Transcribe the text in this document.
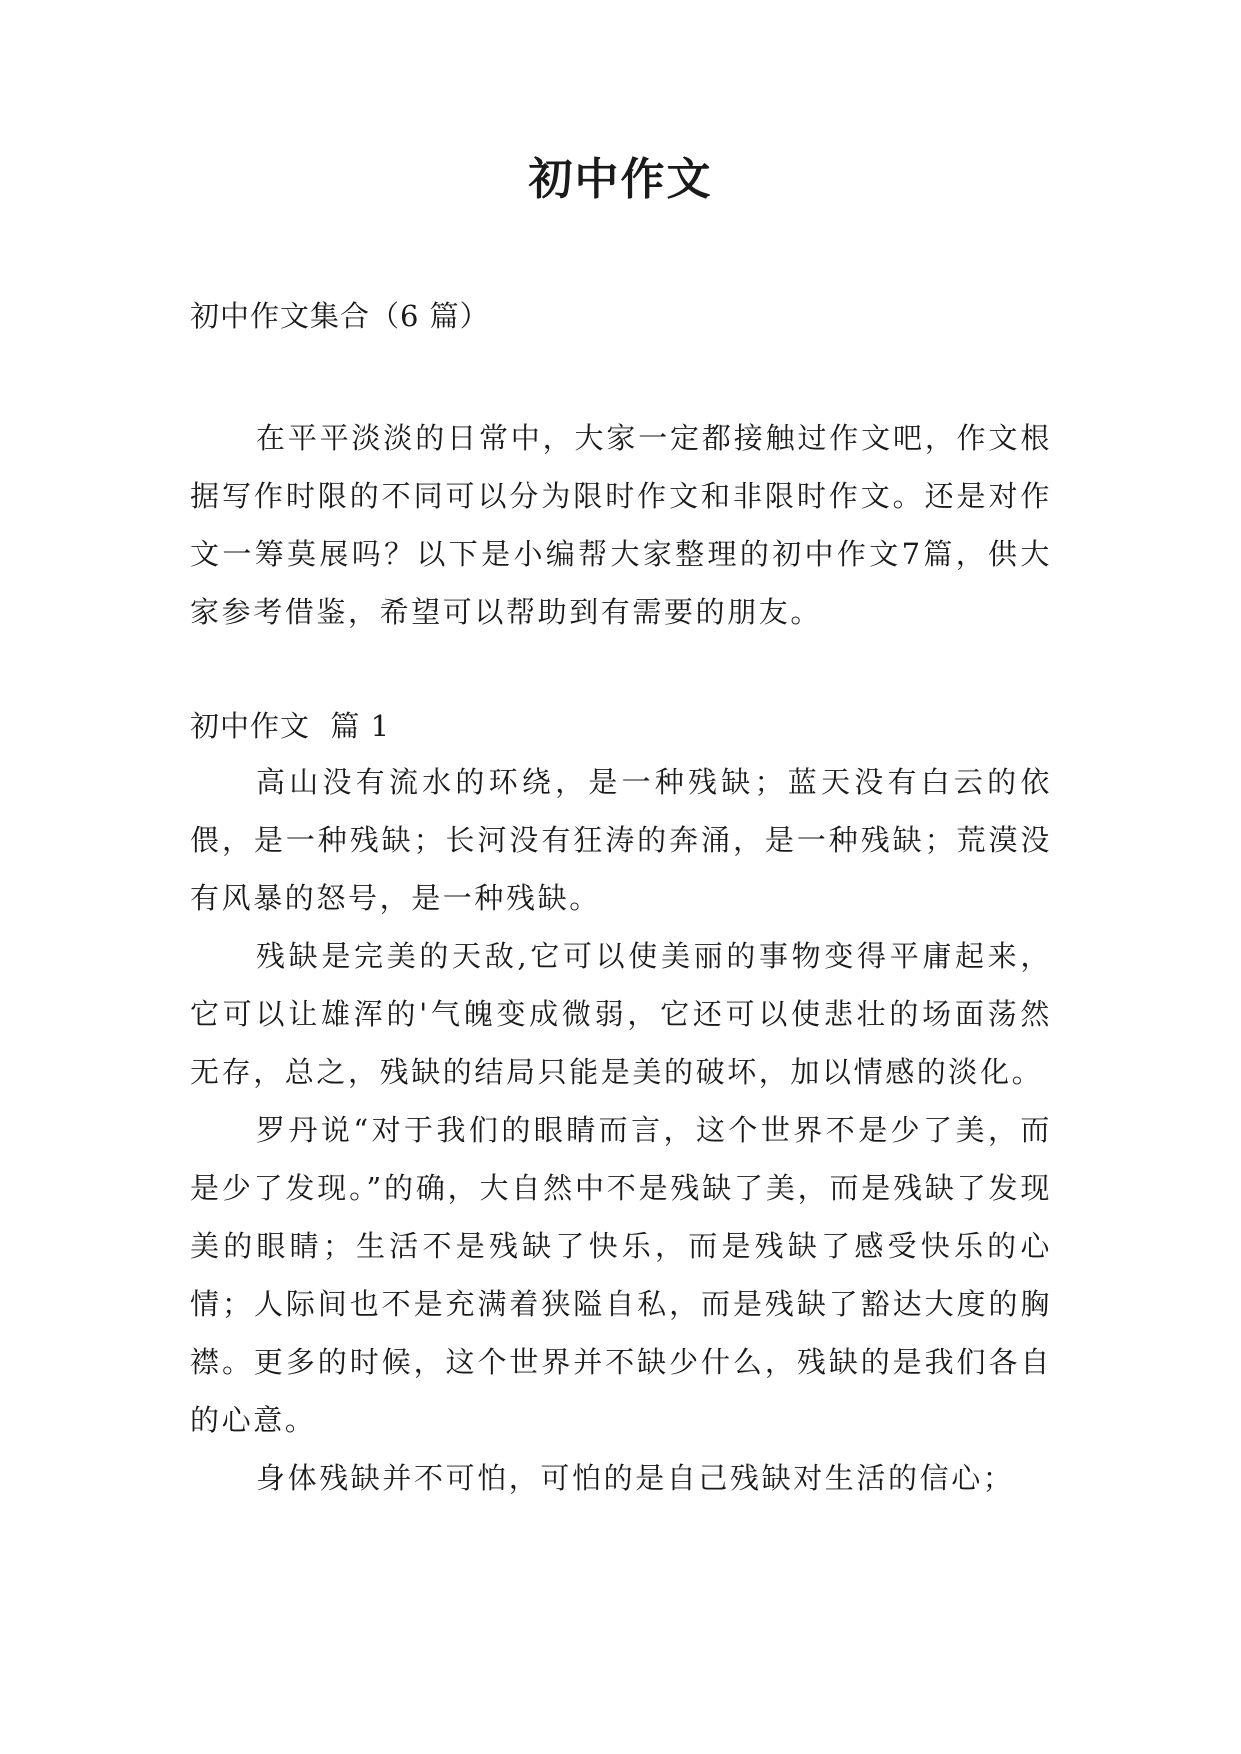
初中作文
初中作文集合（6 篇）

在平平淡淡的日常中，大家一定都接触过作文吧，作文根据写作时限的不同可以分为限时作文和非限时作文。还是对作文一筹莫展吗？以下是小编帮大家整理的初中作文7篇，供大家参考借鉴，希望可以帮助到有需要的朋友。

初中作文  篇 1

高山没有流水的环绕，是一种残缺；蓝天没有白云的依偎，是一种残缺；长河没有狂涛的奔涌，是一种残缺；荒漠没有风暴的怒号，是一种残缺。

残缺是完美的天敌,它可以使美丽的事物变得平庸起来，它可以让雄浑的'气魄变成微弱，它还可以使悲壮的场面荡然无存，总之，残缺的结局只能是美的破坏，加以情感的淡化。

罗丹说“对于我们的眼睛而言，这个世界不是少了美，而是少了发现。”的确，大自然中不是残缺了美，而是残缺了发现美的眼睛；生活不是残缺了快乐，而是残缺了感受快乐的心情；人际间也不是充满着狭隘自私，而是残缺了豁达大度的胸襟。更多的时候，这个世界并不缺少什么，残缺的是我们各自的心意。

身体残缺并不可怕，可怕的是自己残缺对生活的信心；
